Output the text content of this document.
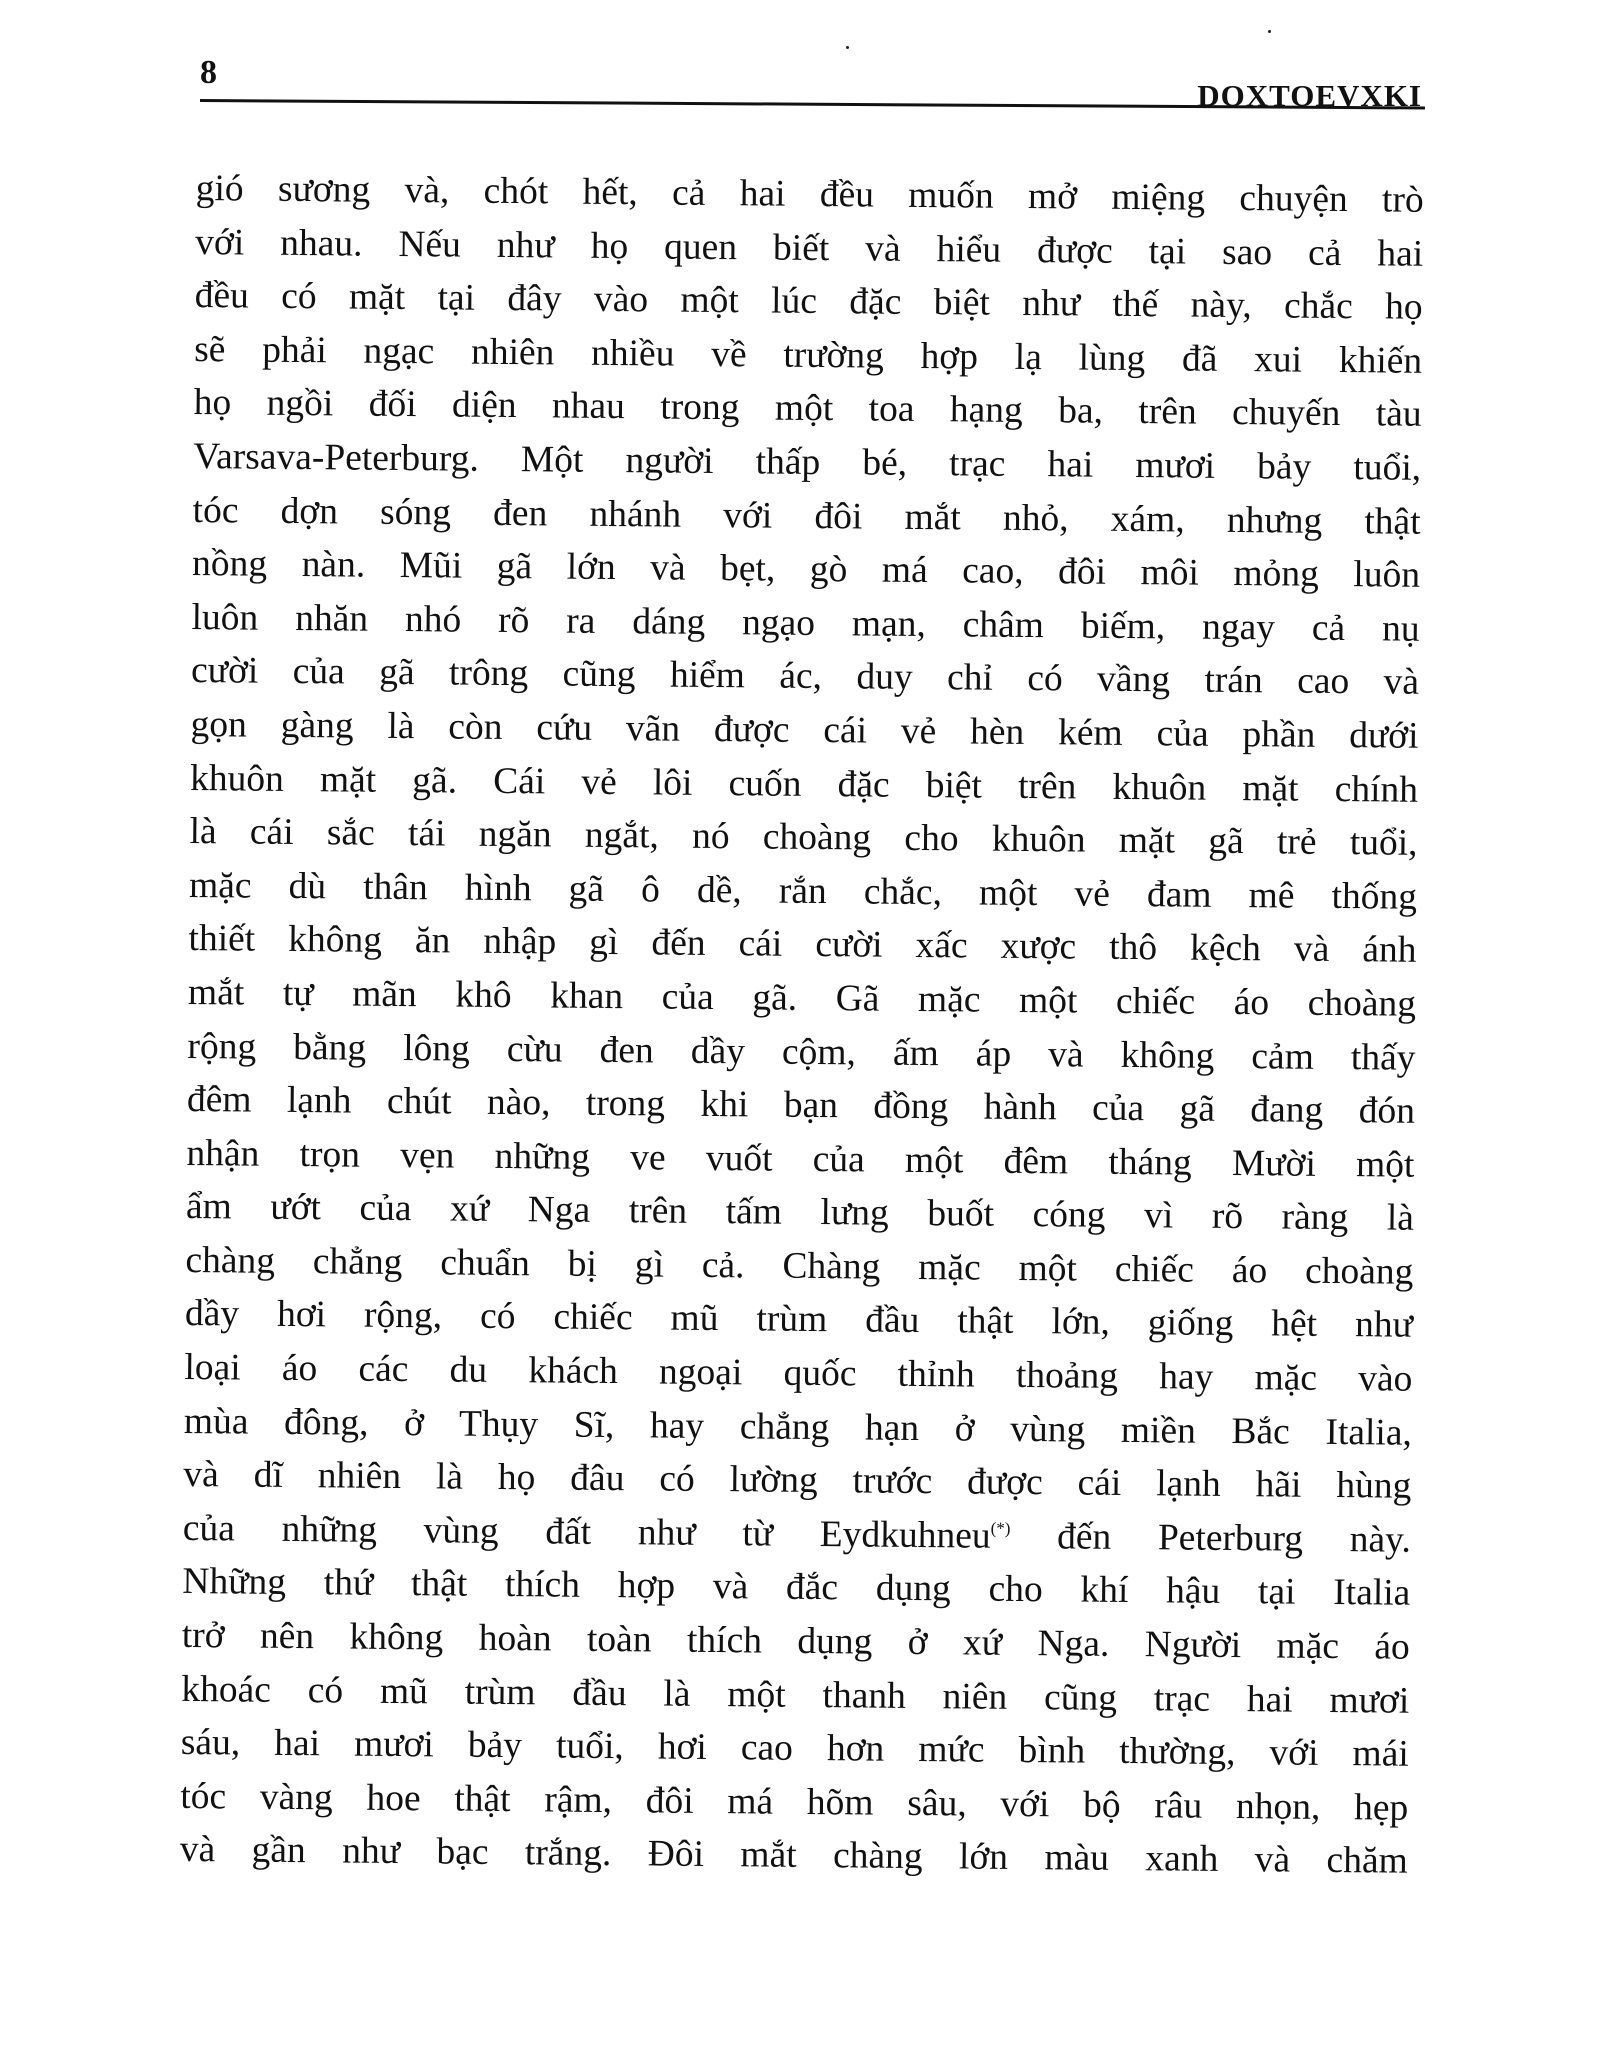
8
DOXTOEVXKI
gió sương và, chót hết, cả hai đều muốn mở miệng chuyện trò
với nhau. Nếu như họ quen biết và hiểu được tại sao cả hai
đều có mặt tại đây vào một lúc đặc biệt như thế này, chắc họ
sẽ phải ngạc nhiên nhiều về trường hợp lạ lùng đã xui khiến
họ ngồi đối diện nhau trong một toa hạng ba, trên chuyến tàu
Varsava-Peterburg. Một người thấp bé, trạc hai mươi bảy tuổi,
tóc dợn sóng đen nhánh với đôi mắt nhỏ, xám, nhưng thật
nồng nàn. Mũi gã lớn và bẹt, gò má cao, đôi môi mỏng luôn
luôn nhăn nhó rõ ra dáng ngạo mạn, châm biếm, ngay cả nụ
cười của gã trông cũng hiểm ác, duy chỉ có vầng trán cao và
gọn gàng là còn cứu vãn được cái vẻ hèn kém của phần dưới
khuôn mặt gã. Cái vẻ lôi cuốn đặc biệt trên khuôn mặt chính
là cái sắc tái ngăn ngắt, nó choàng cho khuôn mặt gã trẻ tuổi,
mặc dù thân hình gã ô dề, rắn chắc, một vẻ đam mê thống
thiết không ăn nhập gì đến cái cười xấc xược thô kệch và ánh
mắt tự mãn khô khan của gã. Gã mặc một chiếc áo choàng
rộng bằng lông cừu đen dầy cộm, ấm áp và không cảm thấy
đêm lạnh chút nào, trong khi bạn đồng hành của gã đang đón
nhận trọn vẹn những ve vuốt của một đêm tháng Mười một
ẩm ướt của xứ Nga trên tấm lưng buốt cóng vì rõ ràng là
chàng chẳng chuẩn bị gì cả. Chàng mặc một chiếc áo choàng
dầy hơi rộng, có chiếc mũ trùm đầu thật lớn, giống hệt như
loại áo các du khách ngoại quốc thỉnh thoảng hay mặc vào
mùa đông, ở Thụy Sĩ, hay chẳng hạn ở vùng miền Bắc Italia,
và dĩ nhiên là họ đâu có lường trước được cái lạnh hãi hùng
của những vùng đất như từ Eydkuhneu(*) đến Peterburg này.
Những thứ thật thích hợp và đắc dụng cho khí hậu tại Italia
trở nên không hoàn toàn thích dụng ở xứ Nga. Người mặc áo
khoác có mũ trùm đầu là một thanh niên cũng trạc hai mươi
sáu, hai mươi bảy tuổi, hơi cao hơn mức bình thường, với mái
tóc vàng hoe thật rậm, đôi má hõm sâu, với bộ râu nhọn, hẹp
và gần như bạc trắng. Đôi mắt chàng lớn màu xanh và chăm
